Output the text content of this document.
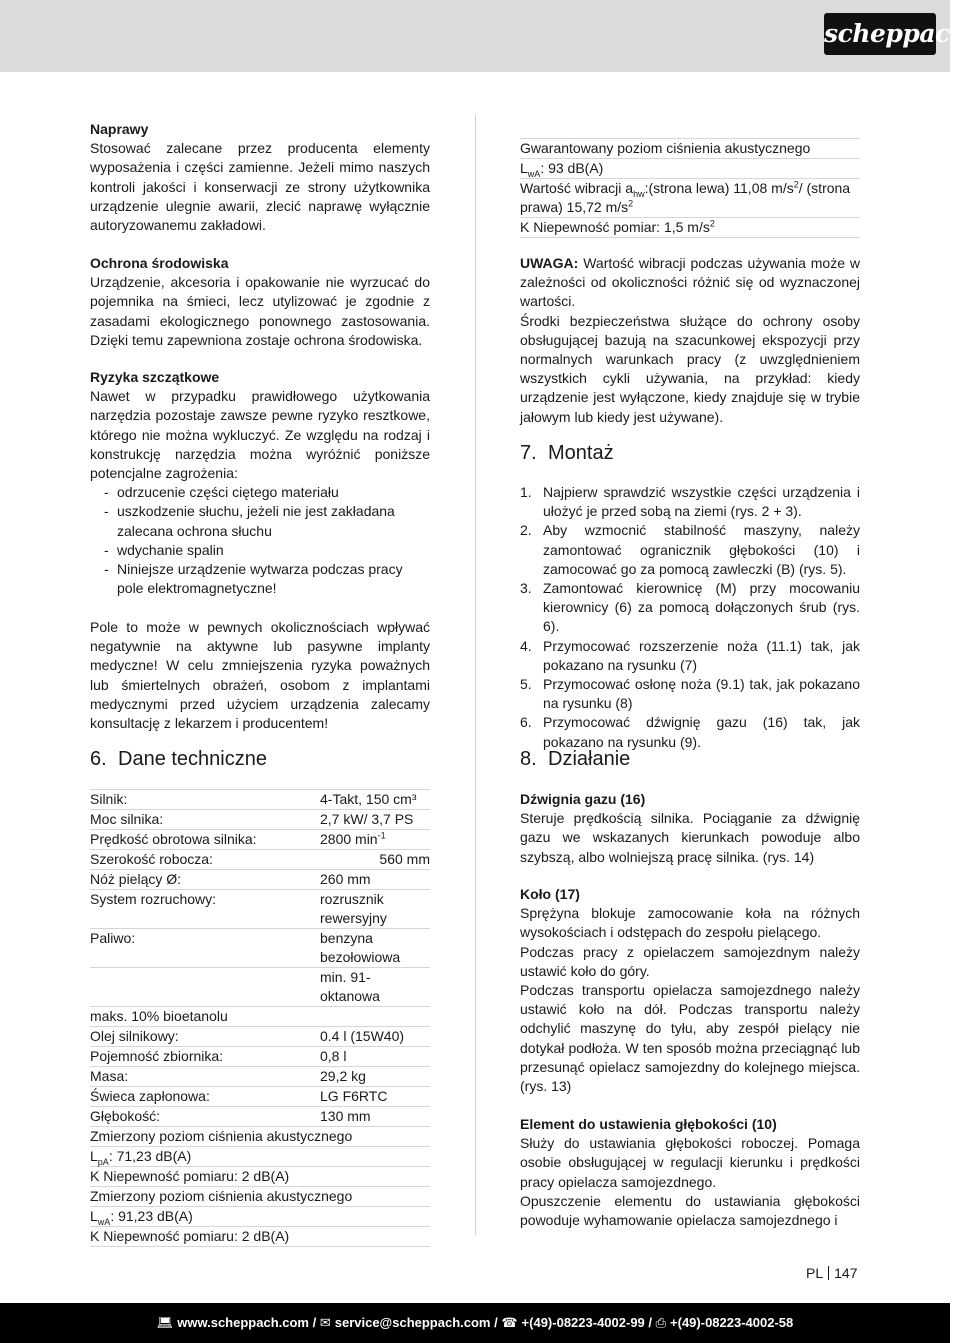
scheppach

Naprawy

Stosować zalecane przez producenta elementy wyposażenia i części zamienne. Jeżeli mimo naszych kontroli jakości i konserwacji ze strony użytkownika urządzenie ulegnie awarii, zlecić naprawę wyłącznie autoryzowanemu zakładowi.

Ochrona środowiska

Urządzenie, akcesoria i opakowanie nie wyrzucać do pojemnika na śmieci, lecz utylizować je zgodnie z zasadami ekologicznego ponownego zastosowania. Dzięki temu zapewniona zostaje ochrona środowiska.

Ryzyka szczątkowe

Nawet w przypadku prawidłowego użytkowania narzędzia pozostaje zawsze pewne ryzyko resztkowe, którego nie można wykluczyć. Ze względu na rodzaj i konstrukcję narzędzia można wyróżnić poniższe potencjalne zagrożenia:

- odrzucenie części ciętego materiału
- uszkodzenie słuchu, jeżeli nie jest zakładana zalecana ochrona słuchu
- wdychanie spalin
- Niniejsze urządzenie wytwarza podczas pracy pole elektromagnetyczne!

Pole to może w pewnych okolicznościach wpływać negatywnie na aktywne lub pasywne implanty medyczne! W celu zmniejszenia ryzyka poważnych lub śmiertelnych obrażeń, osobom z implantami medycznymi przed użyciem urządzenia zalecamy konsultację z lekarzem i producentem!

6. Dane techniczne

Silnik:	4-Takt, 150 cm³
Moc silnika:	2,7 kW/ 3,7 PS
Prędkość obrotowa silnika:	2800 $\min^{-1}$
Szerokość robocza:	560 mm
Nóż pielący Ø:	260 mm
System rozruchowy:	rozrusznik rewersyjny
Paliwo:	benzyna bezołowiowa
	min. 91-oktanowa
maks. 10% bioetanolu	
Olej silnikowy:	0.4 l (15W40)
Pojemność zbiornika:	0,8 l
Masa:	29,2 kg
Świeca zapłonowa:	LG F6RTC
Głębokość:	130 mm
Zmierzony poziom ciśnienia akustycznego	
$L_{pA}$: 71,23 dB(A)	
K Niepewność pomiaru: 2 dB(A)	
Zmierzony poziom ciśnienia akustycznego	
$L_{wA}$: 91,23 dB(A)	
K Niepewność pomiaru: 2 dB(A)	
Gwarantowany poziom ciśnienia akustycznego
$L_{wA}$: 93 dB(A)
Wartość wibracji $a_{hw}:(strona$ lewa) 11,08 $m/s^2/$ (strona prawa) 15,72 $m/s^2$
K Niepewność pomiar: 1,5 $m/s^2$

UWAGA: Wartość wibracji podczas używania może w zależności od okoliczności różnić się od wyznaczonej wartości.

Środki bezpieczeństwa służące do ochrony osoby obsługującej bazują na szacunkowej ekspozycji przy normalnych warunkach pracy (z uwzględnieniem wszystkich cykli używania, na przykład: kiedy urządzenie jest wyłączone, kiedy znajduje się w trybie jałowym lub kiedy jest używane).

7. Montaż

1. Najpierw sprawdzić wszystkie części urządzenia i ułożyć je przed sobą na ziemi (rys. 2 + 3).
2. Aby wzmocnić stabilność maszyny, należy zamontować ogranicznik głębokości (10) i zamocować go za pomocą zawleczki (B) (rys. 5).
3. Zamontować kierownicę (M) przy mocowaniu kierownicy (6) za pomocą dołączonych śrub (rys. 6).
4. Przymocować rozszerzenie noża (11.1) tak, jak pokazano na rysunku (7)
5. Przymocować osłonę noża (9.1) tak, jak pokazano na rysunku (8)
6. Przymocować dźwignię gazu (16) tak, jak pokazano na rysunku (9).

8. Działanie

Dźwignia gazu (16)

Steruje prędkością silnika. Pociąganie za dźwignię gazu we wskazanych kierunkach powoduje albo szybszą, albo wolniejszą pracę silnika. (rys. 14)

Koło (17)

Sprężyna blokuje zamocowanie koła na różnych wysokościach i odstępach do zespołu pielącego.

Podczas pracy z opielaczem samojezdnym należy ustawić koło do góry.

Podczas transportu opielacza samojezdnego należy ustawić koło na dół. Podczas transportu należy odchylić maszynę do tyłu, aby zespół pielący nie dotykał podłoża. W ten sposób można przeciągnąć lub przesunąć opielacz samojezdny do kolejnego miejsca. (rys. 13)

Element do ustawienia głębokości (10)

Służy do ustawiania głębokości roboczej. Pomaga osobie obsługującej w regulacji kierunku i prędkości pracy opielacza samojezdnego.

Opuszczenie elementu do ustawiania głębokości powoduje wyhamowanie opielacza samojezdnego i

PL 147
💻︎ www.scheppach.com / ✉︎ service@scheppach.com / ☎︎ +(49)-08223-4002-99 / ⎙ +(49)-08223-4002-58
